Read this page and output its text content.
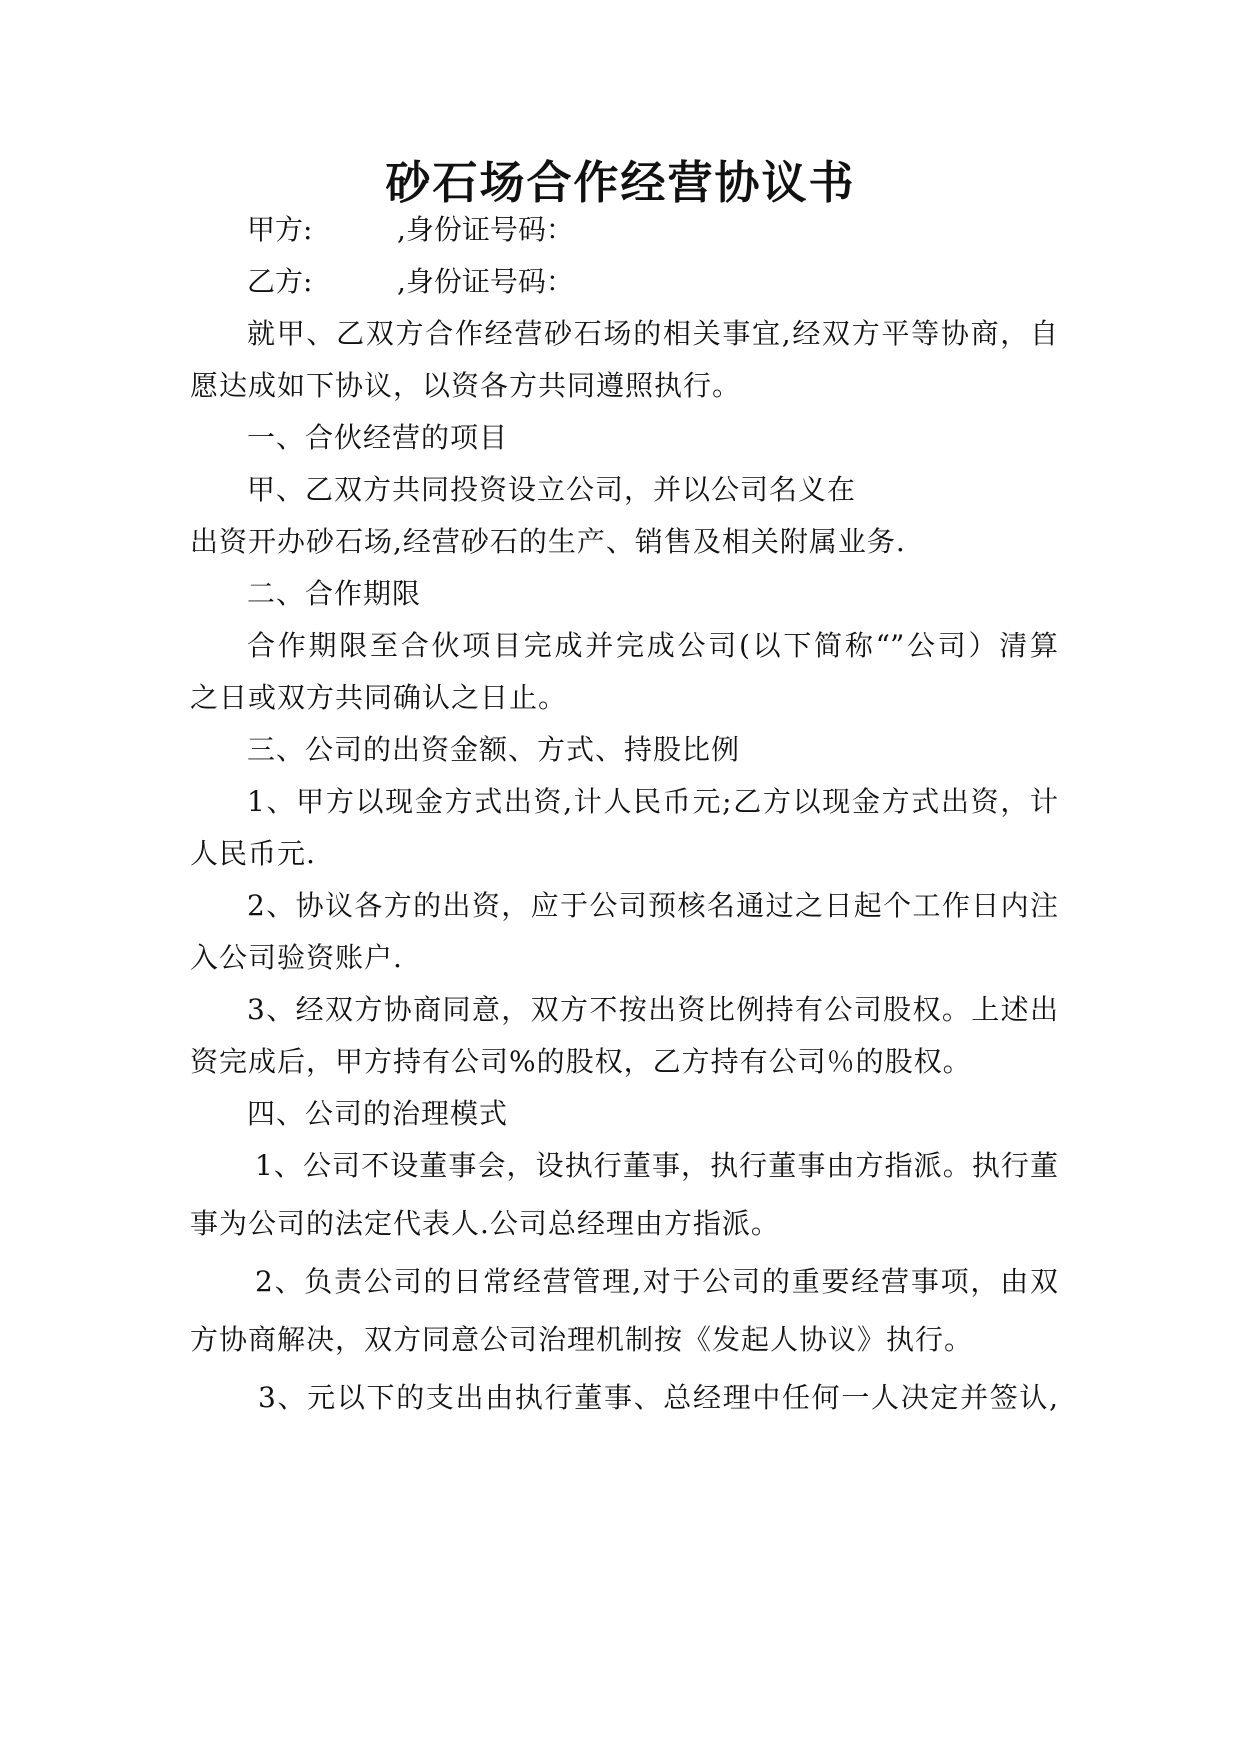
砂石场合作经营协议书
甲方:	,身份证号码：
乙方:	,身份证号码：
就甲、乙双方合作经营砂石场的相关事宜,经双方平等协商，自
愿达成如下协议，以资各方共同遵照执行。
一、合伙经营的项目
甲、乙双方共同投资设立公司，并以公司名义在
出资开办砂石场,经营砂石的生产、销售及相关附属业务.
二、合作期限
合作期限至合伙项目完成并完成公司(以下简称“”公司）清算
之日或双方共同确认之日止。
三、公司的出资金额、方式、持股比例
1、甲方以现金方式出资,计人民币元;乙方以现金方式出资，计
人民币元.
2、协议各方的出资，应于公司预核名通过之日起个工作日内注
入公司验资账户.
3、经双方协商同意，双方不按出资比例持有公司股权。上述出
资完成后，甲方持有公司%的股权，乙方持有公司％的股权。
四、公司的治理模式
1、公司不设董事会，设执行董事，执行董事由方指派。执行董
事为公司的法定代表人.公司总经理由方指派。
2、负责公司的日常经营管理,对于公司的重要经营事项，由双
方协商解决，双方同意公司治理机制按《发起人协议》执行。
3、元以下的支出由执行董事、总经理中任何一人决定并签认,
